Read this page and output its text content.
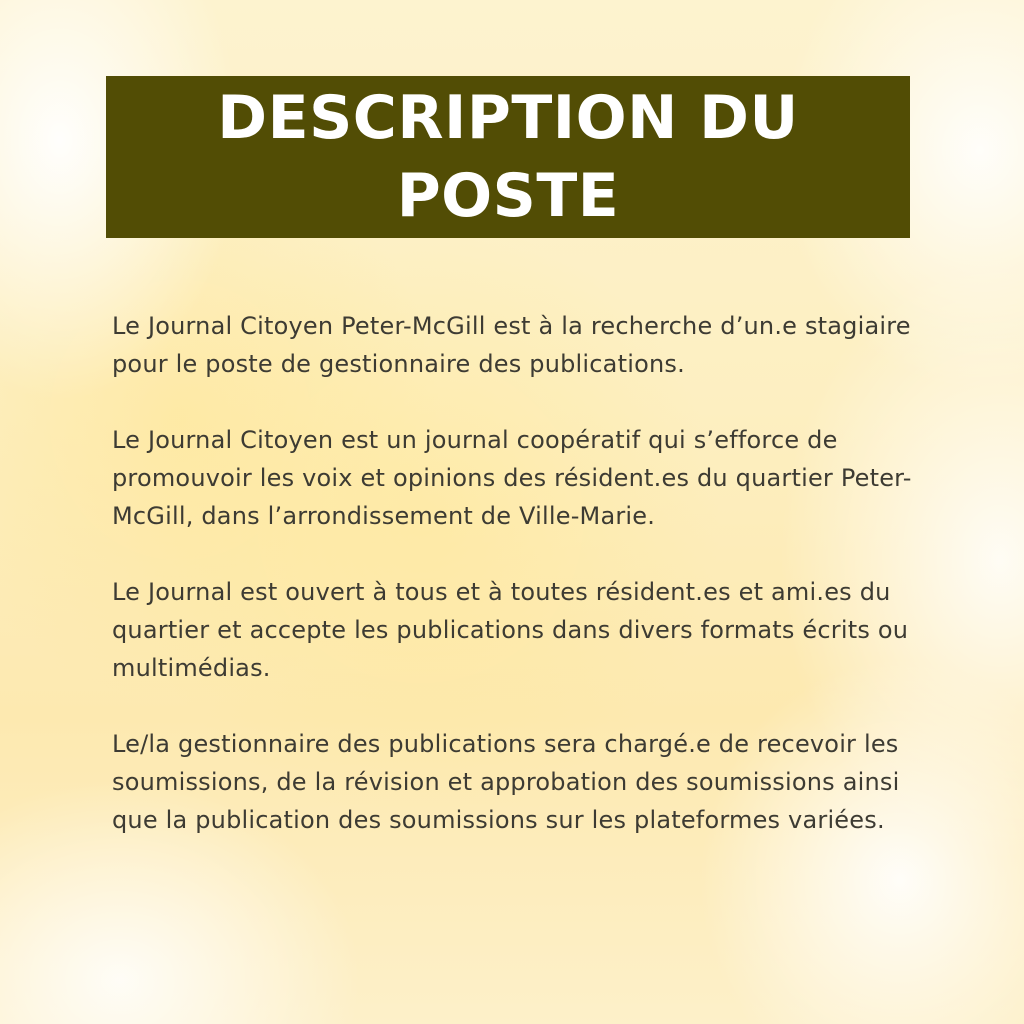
DESCRIPTION DU POSTE

Le Journal Citoyen Peter-McGill est à la recherche d’un.e stagiaire pour le poste de gestionnaire des publications.

Le Journal Citoyen est un journal coopératif qui s’efforce de promouvoir les voix et opinions des résident.es du quartier Peter-McGill, dans l’arrondissement de Ville-Marie.

Le Journal est ouvert à tous et à toutes résident.es et ami.es du quartier et accepte les publications dans divers formats écrits ou multimédias.

Le/la gestionnaire des publications sera chargé.e de recevoir les soumissions, de la révision et approbation des soumissions ainsi que la publication des soumissions sur les plateformes variées.
